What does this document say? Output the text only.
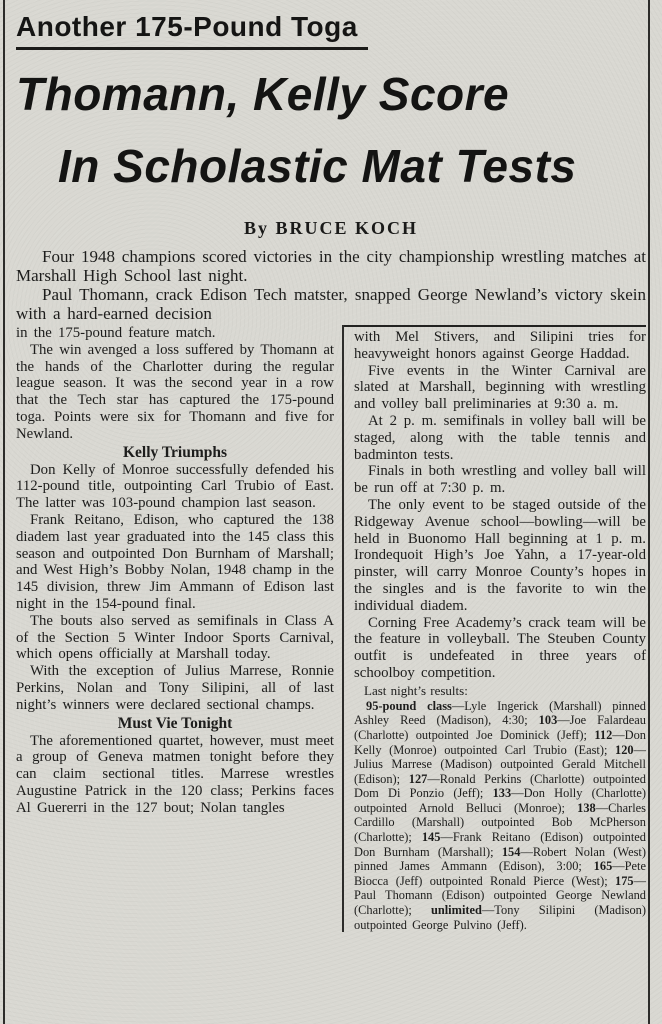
Another 175-Pound Toga
Thomann, Kelly Score
In Scholastic Mat Tests
By BRUCE KOCH

Four 1948 champions scored victories in the city championship wrestling matches at Marshall High School last night.

Paul Thomann, crack Edison Tech matster, snapped George Newland’s victory skein with a hard-earned decision

in the 175-pound feature match.

The win avenged a loss suffered by Thomann at the hands of the Charlotter during the regular league season. It was the second year in a row that the Tech star has captured the 175-pound toga. Points were six for Thomann and five for Newland.

Kelly Triumphs

Don Kelly of Monroe successfully defended his 112-pound title, outpointing Carl Trubio of East. The latter was 103-pound champion last season.

Frank Reitano, Edison, who captured the 138 diadem last year graduated into the 145 class this season and outpointed Don Burnham of Marshall; and West High’s Bobby Nolan, 1948 champ in the 145 division, threw Jim Ammann of Edison last night in the 154-pound final.

The bouts also served as semifinals in Class A of the Section 5 Winter Indoor Sports Carnival, which opens officially at Marshall today.

With the exception of Julius Marrese, Ronnie Perkins, Nolan and Tony Silipini, all of last night’s winners were declared sectional champs.

Must Vie Tonight

The aforementioned quartet, however, must meet a group of Geneva matmen tonight before they can claim sectional titles. Marrese wrestles Augustine Patrick in the 120 class; Perkins faces Al Guererri in the 127 bout; Nolan tangles

with Mel Stivers, and Silipini tries for heavyweight honors against George Haddad.

Five events in the Winter Carnival are slated at Marshall, beginning with wrestling and volley ball preliminaries at 9:30 a. m.

At 2 p. m. semifinals in volley ball will be staged, along with the table tennis and badminton tests.

Finals in both wrestling and volley ball will be run off at 7:30 p. m.

The only event to be staged outside of the Ridgeway Avenue school—bowling—will be held in Buonomo Hall beginning at 1 p. m. Irondequoit High’s Joe Yahn, a 17-year-old pinster, will carry Monroe County’s hopes in the singles and is the favorite to win the individual diadem.

Corning Free Academy’s crack team will be the feature in volleyball. The Steuben County outfit is undefeated in three years of schoolboy competition.

Last night’s results:

95-pound class—Lyle Ingerick (Marshall) pinned Ashley Reed (Madison), 4:30; 103—Joe Falardeau (Charlotte) outpointed Joe Dominick (Jeff); 112—Don Kelly (Monroe) outpointed Carl Trubio (East); 120—Julius Marrese (Madison) outpointed Gerald Mitchell (Edison); 127—Ronald Perkins (Charlotte) outpointed Dom Di Ponzio (Jeff); 133—Don Holly (Charlotte) outpointed Arnold Belluci (Monroe); 138—Charles Cardillo (Marshall) outpointed Bob McPherson (Charlotte); 145—Frank Reitano (Edison) outpointed Don Burnham (Marshall); 154—Robert Nolan (West) pinned James Ammann (Edison), 3:00; 165—Pete Biocca (Jeff) outpointed Ronald Pierce (West); 175—Paul Thomann (Edison) outpointed George Newland (Charlotte); unlimited—Tony Silipini (Madison) outpointed George Pulvino (Jeff).
